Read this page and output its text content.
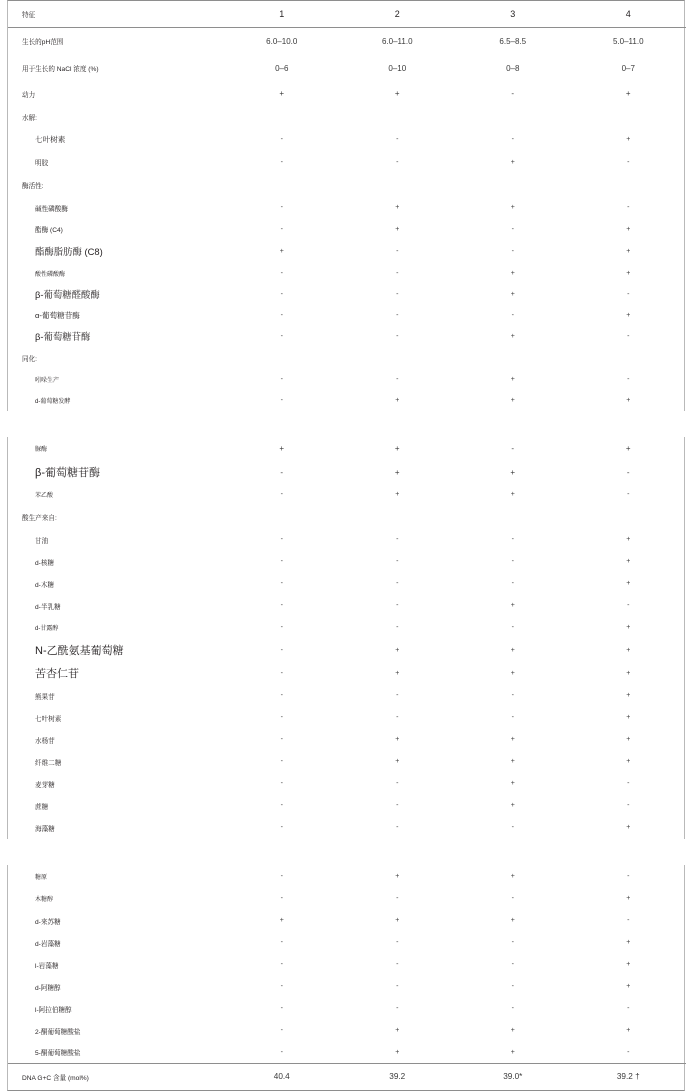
特征	1	2	3	4

生长的pH范围	6.0–10.0	6.0–11.0	6.5–8.5	5.0–11.0
用于生长的 NaCl 浓度 (%)	0–6	0–10	0–8	0–7
动力	+	+	-	+
水解:				
七叶树素	-	-	-	+
明胶	-	-	+	-
酶活性:				
碱性磷酸酶	-	+	+	-
酯酶 (C4)	-	+	-	+
酯酶脂肪酶 (C8)	+	-	-	+
酸性磷酸酶	-	-	+	+
β-葡萄糖醛酸酶	-	-	+	-
α-葡萄糖苷酶	-	-	-	+
β-葡萄糖苷酶	-	-	+	-
同化:				
吲哚生产	-	-	+	-
d-葡萄糖发酵	-	+	+	+
脲酶	+	+	-	+
β-葡萄糖苷酶	-	+	+	-
苯乙酸	-	+	+	-
酸生产来自:				
甘油	-	-	-	+
d-核糖	-	-	-	+
d-木糖	-	-	-	+
d-半乳糖	-	-	+	-
d-甘露醇	-	-	-	+
N-乙酰氨基葡萄糖	-	+	+	+
苦杏仁苷	-	+	+	+
熊果苷	-	-	-	+
七叶树素	-	-	-	+
水杨苷	-	+	+	+
纤维二糖	-	+	+	+
麦芽糖	-	-	+	-
蔗糖	-	-	+	-
海藻糖	-	-	-	+
糖原	-	+	+	-
木糖醇	-	-	-	+
d-来苏糖	+	+	+	-
d-岩藻糖	-	-	-	+
l-岩藻糖	-	-	-	+
d-阿糖醇	-	-	-	+
l-阿拉伯糖醇	-	-	-	-
2-酮葡萄糖酸盐	-	+	+	+
5-酮葡萄糖酸盐	-	+	+	-
DNA G+C 含量 (mol%)	40.4	39.2	39.0*	39.2 †
